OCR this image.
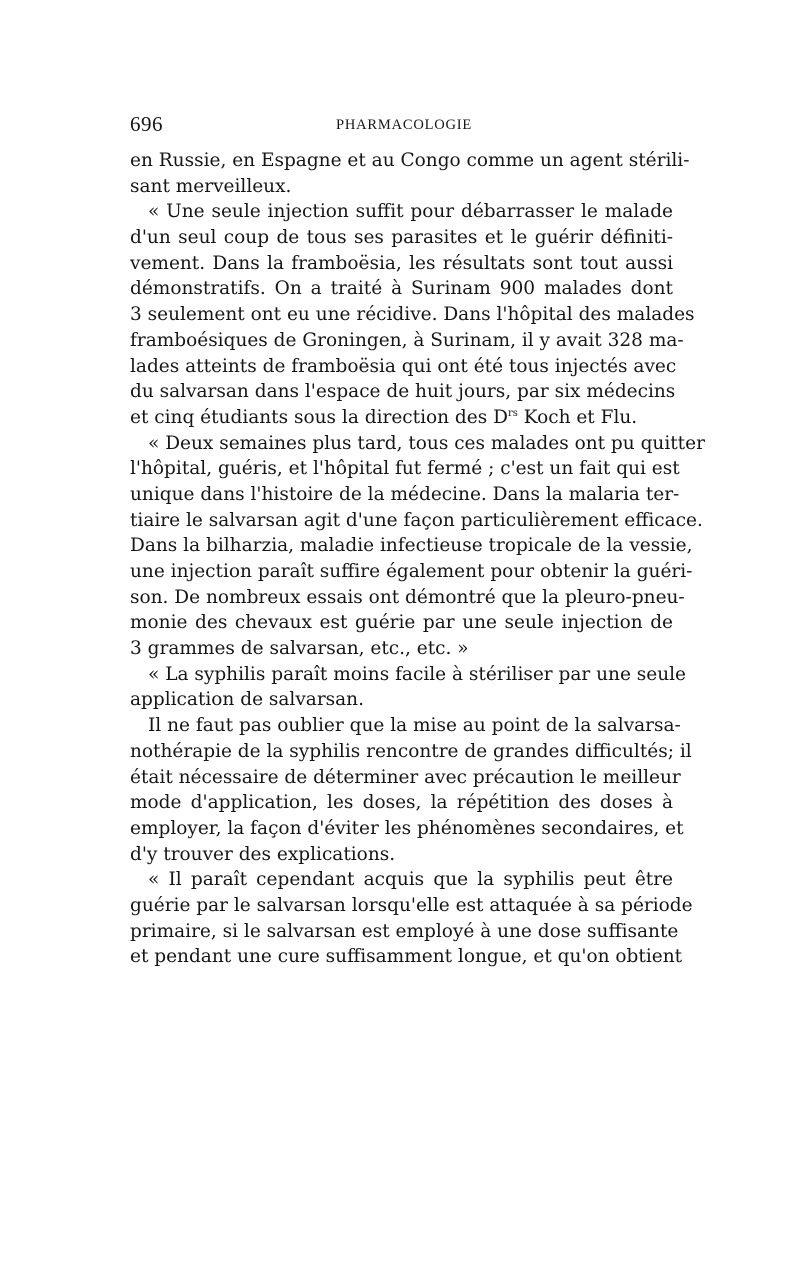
696	PHARMACOLOGIE
en Russie, en Espagne et au Congo comme un agent stérili-
sant merveilleux.
« Une seule injection suffit pour débarrasser le malade
d'un seul coup de tous ses parasites et le guérir définiti-
vement. Dans la framboësia, les résultats sont tout aussi
démonstratifs. On a traité à Surinam 900 malades dont
3 seulement ont eu une récidive. Dans l'hôpital des malades
framboésiques de Groningen, à Surinam, il y avait 328 ma-
lades atteints de framboësia qui ont été tous injectés avec
du salvarsan dans l'espace de huit jours, par six médecins
et cinq étudiants sous la direction des $D^{rs}$ Koch et Flu.
« Deux semaines plus tard, tous ces malades ont pu quitter
l'hôpital, guéris, et l'hôpital fut fermé ; c'est un fait qui est
unique dans l'histoire de la médecine. Dans la malaria ter-
tiaire le salvarsan agit d'une façon particulièrement efficace.
Dans la bilharzia, maladie infectieuse tropicale de la vessie,
une injection paraît suffire également pour obtenir la guéri-
son. De nombreux essais ont démontré que la pleuro-pneu-
monie des chevaux est guérie par une seule injection de
3 grammes de salvarsan, etc., etc. »
« La syphilis paraît moins facile à stériliser par une seule
application de salvarsan.
Il ne faut pas oublier que la mise au point de la salvarsa-
nothérapie de la syphilis rencontre de grandes difficultés; il
était nécessaire de déterminer avec précaution le meilleur
mode d'application, les doses, la répétition des doses à
employer, la façon d'éviter les phénomènes secondaires, et
d'y trouver des explications.
« Il paraît cependant acquis que la syphilis peut être
guérie par le salvarsan lorsqu'elle est attaquée à sa période
primaire, si le salvarsan est employé à une dose suffisante
et pendant une cure suffisamment longue, et qu'on obtient
